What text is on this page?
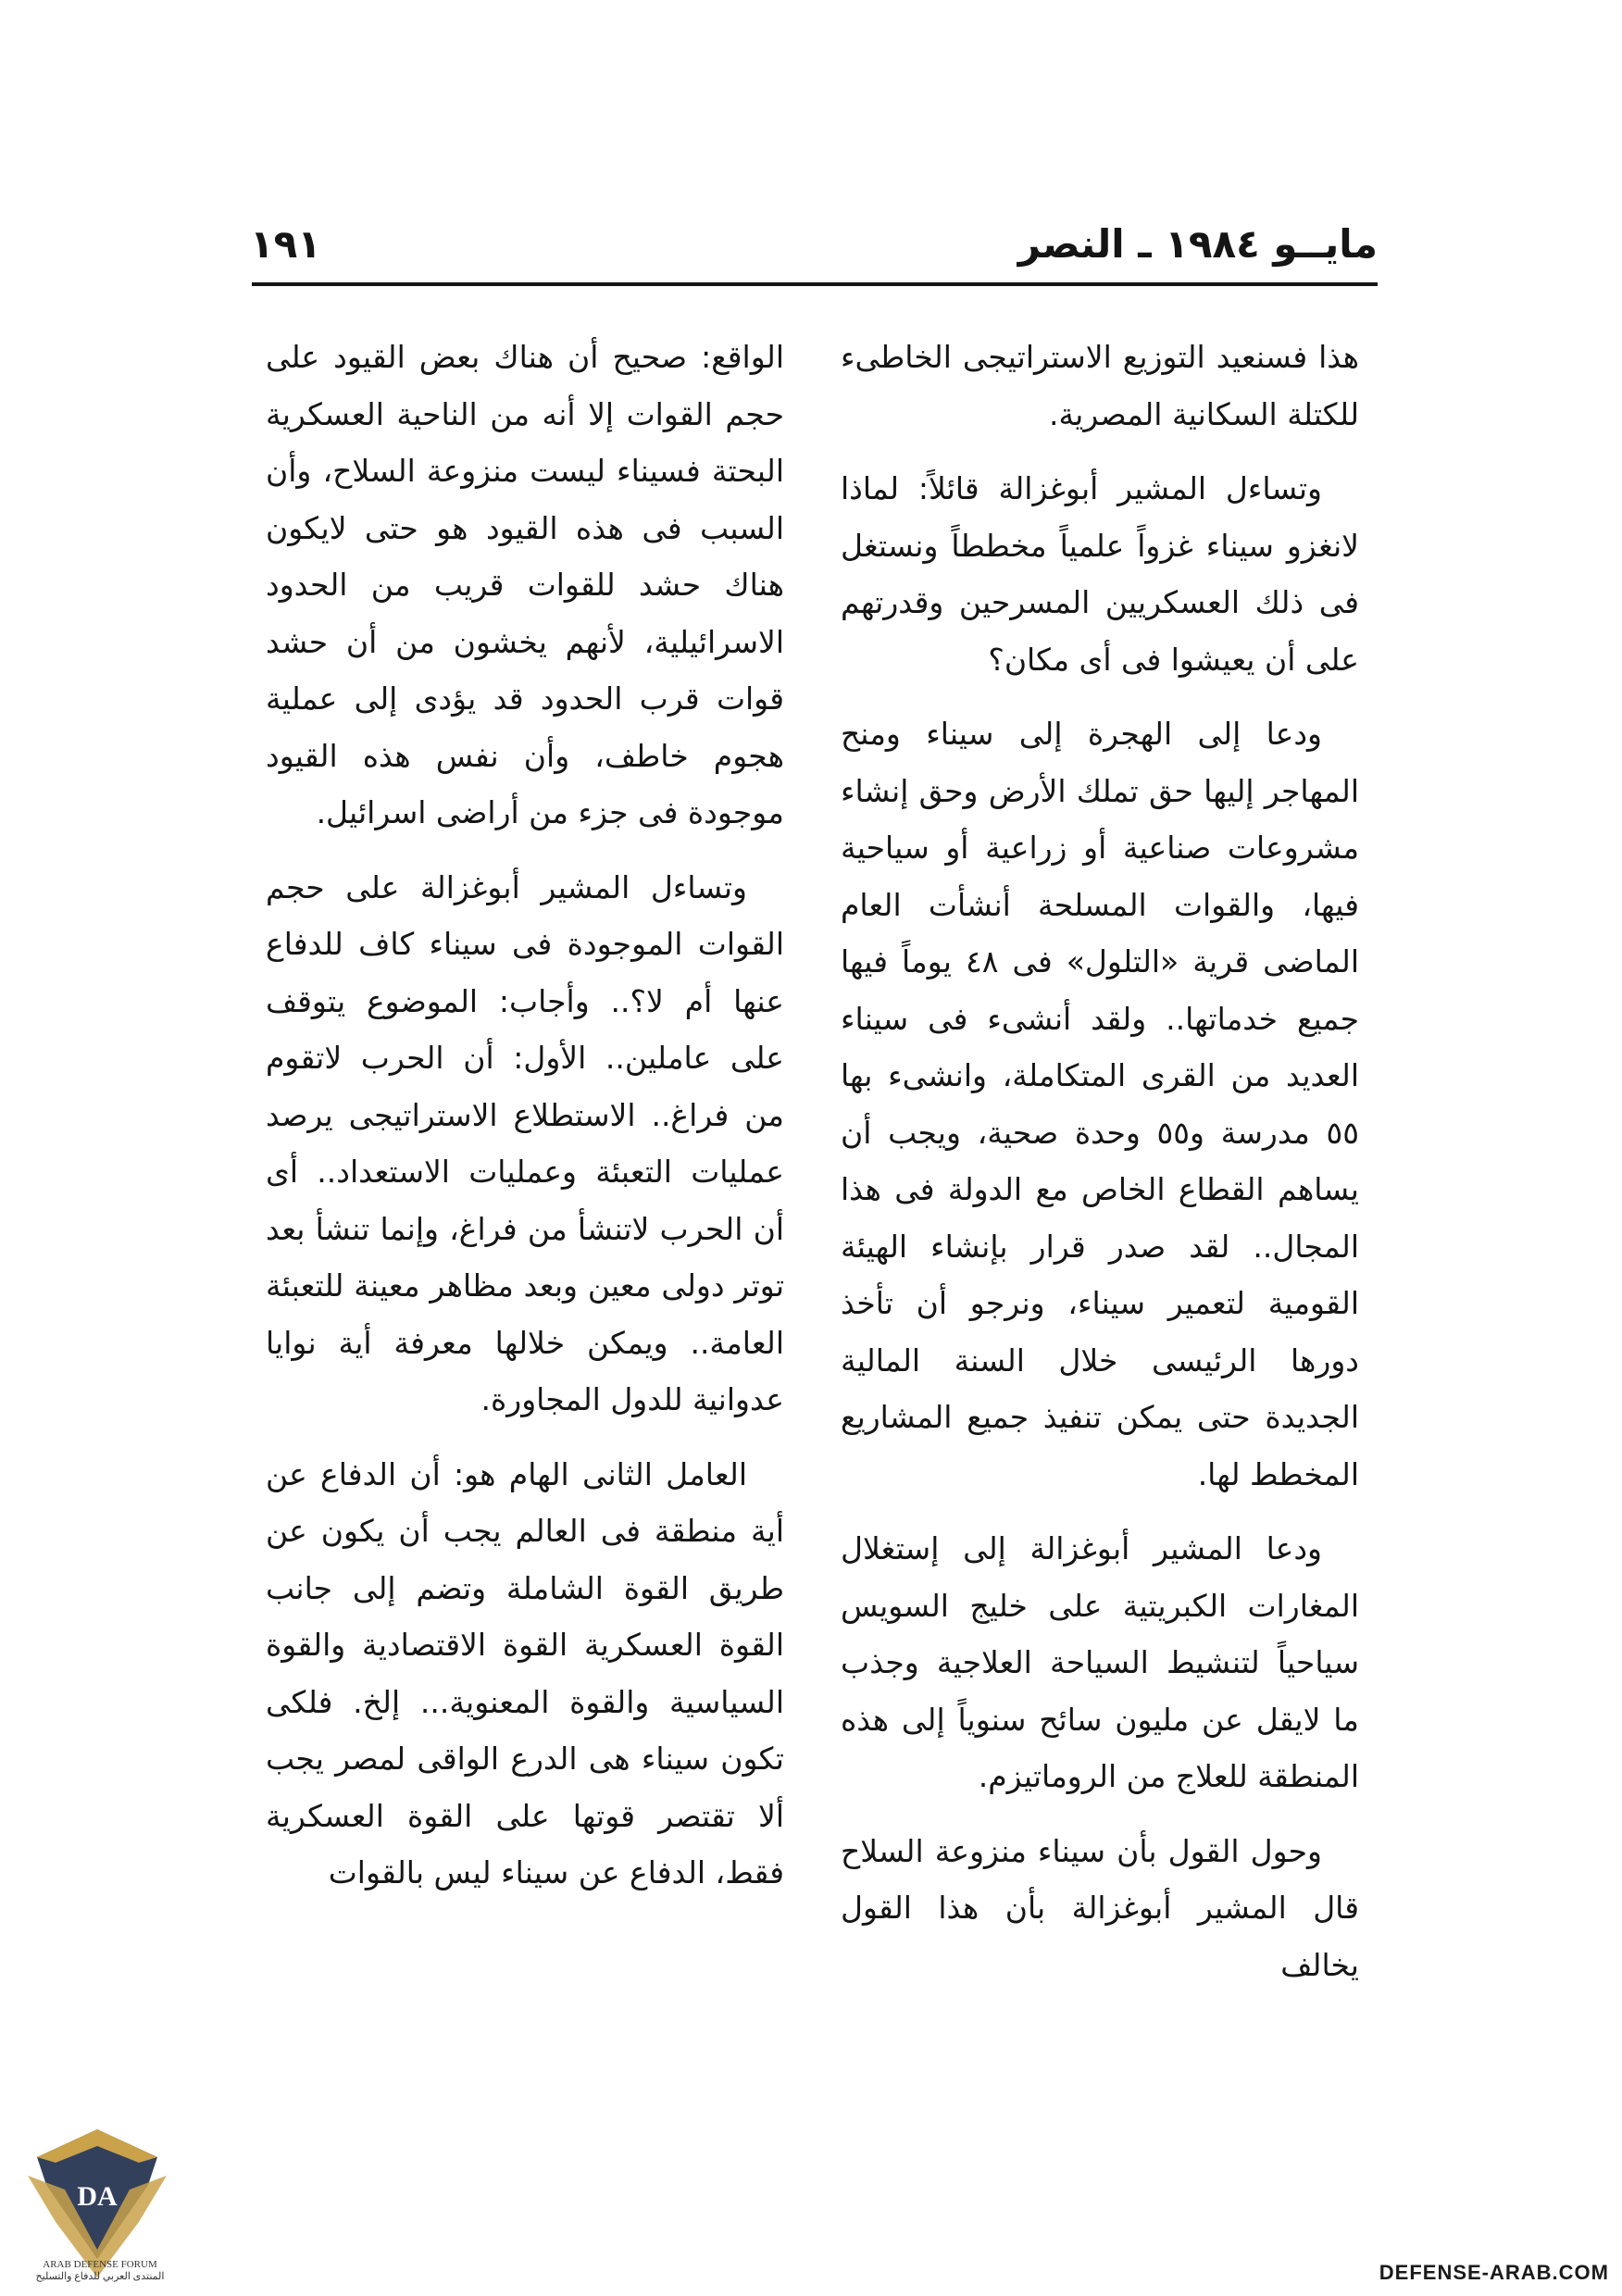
مايــو ١٩٨٤ ـ النصر
١٩١

هذا فسنعيد التوزيع الاستراتيجى الخاطىء للكتلة السكانية المصرية.

وتساءل المشير أبوغزالة قائلاً: لماذا لانغزو سيناء غزواً علمياً مخططاً ونستغل فى ذلك العسكريين المسرحين وقدرتهم على أن يعيشوا فى أى مكان؟

ودعا إلى الهجرة إلى سيناء ومنح المهاجر إليها حق تملك الأرض وحق إنشاء مشروعات صناعية أو زراعية أو سياحية فيها، والقوات المسلحة أنشأت العام الماضى قرية «التلول» فى ٤٨ يوماً فيها جميع خدماتها.. ولقد أنشىء فى سيناء العديد من القرى المتكاملة، وانشىء بها ٥٥ مدرسة و٥٥ وحدة صحية، ويجب أن يساهم القطاع الخاص مع الدولة فى هذا المجال.. لقد صدر قرار بإنشاء الهيئة القومية لتعمير سيناء، ونرجو أن تأخذ دورها الرئيسى خلال السنة المالية الجديدة حتى يمكن تنفيذ جميع المشاريع المخطط لها.

ودعا المشير أبوغزالة إلى إستغلال المغارات الكبريتية على خليج السويس سياحياً لتنشيط السياحة العلاجية وجذب ما لايقل عن مليون سائح سنوياً إلى هذه المنطقة للعلاج من الروماتيزم.

وحول القول بأن سيناء منزوعة السلاح قال المشير أبوغزالة بأن هذا القول يخالف

الواقع: صحيح أن هناك بعض القيود على حجم القوات إلا أنه من الناحية العسكرية البحتة فسيناء ليست منزوعة السلاح، وأن السبب فى هذه القيود هو حتى لايكون هناك حشد للقوات قريب من الحدود الاسرائيلية، لأنهم يخشون من أن حشد قوات قرب الحدود قد يؤدى إلى عملية هجوم خاطف، وأن نفس هذه القيود موجودة فى جزء من أراضى اسرائيل.

وتساءل المشير أبوغزالة على حجم القوات الموجودة فى سيناء كاف للدفاع عنها أم لا؟.. وأجاب: الموضوع يتوقف على عاملين.. الأول: أن الحرب لاتقوم من فراغ.. الاستطلاع الاستراتيجى يرصد عمليات التعبئة وعمليات الاستعداد.. أى أن الحرب لاتنشأ من فراغ، وإنما تنشأ بعد توتر دولى معين وبعد مظاهر معينة للتعبئة العامة.. ويمكن خلالها معرفة أية نوايا عدوانية للدول المجاورة.

العامل الثانى الهام هو: أن الدفاع عن أية منطقة فى العالم يجب أن يكون عن طريق القوة الشاملة وتضم إلى جانب القوة العسكرية القوة الاقتصادية والقوة السياسية والقوة المعنوية... إلخ. فلكى تكون سيناء هى الدرع الواقى لمصر يجب ألا تقتصر قوتها على القوة العسكرية فقط، الدفاع عن سيناء ليس بالقوات

DA
ARAB DEFENSE FORUM
المنتدى العربي للدفاع والتسليح	DEFENSE-ARAB.COM
